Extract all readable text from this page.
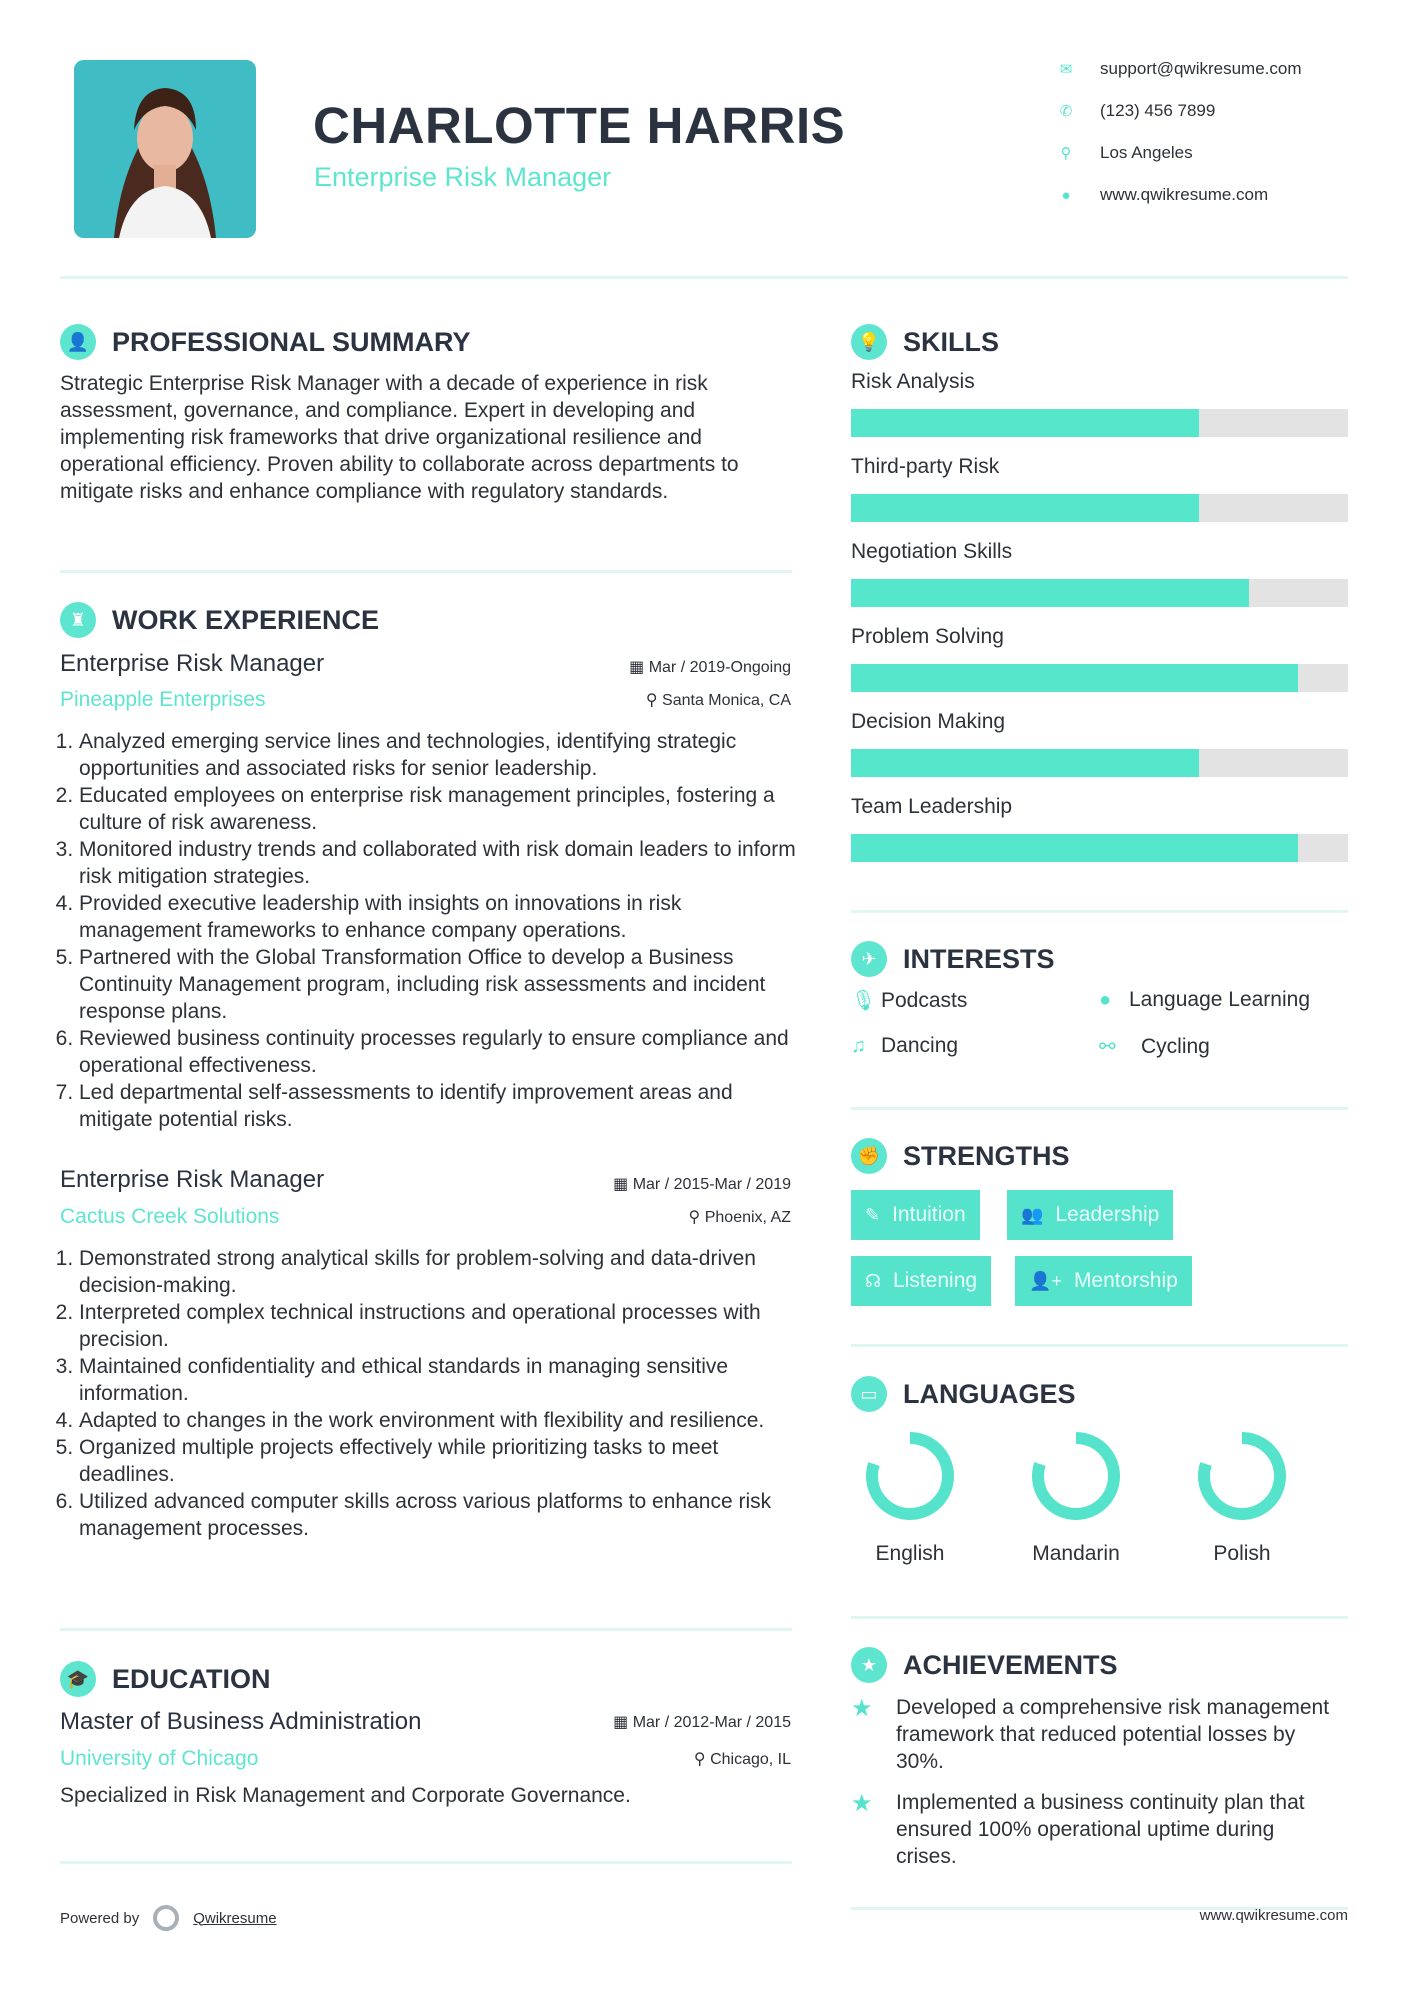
CHARLOTTE HARRIS
Enterprise Risk Manager
✉ support@qwikresume.com
✆ (123) 456 7899
⚲ Los Angeles
● www.qwikresume.com
👤 PROFESSIONAL SUMMARY
Strategic Enterprise Risk Manager with a decade of experience in risk assessment, governance, and compliance. Expert in developing and implementing risk frameworks that drive organizational resilience and operational efficiency. Proven ability to collaborate across departments to mitigate risks and enhance compliance with regulatory standards.
♜ WORK EXPERIENCE
Enterprise Risk Manager
Pineapple Enterprises
▦ Mar / 2019-Ongoing
⚲ Santa Monica, CA
1. Analyzed emerging service lines and technologies, identifying strategic opportunities and associated risks for senior leadership.
2. Educated employees on enterprise risk management principles, fostering a culture of risk awareness.
3. Monitored industry trends and collaborated with risk domain leaders to inform risk mitigation strategies.
4. Provided executive leadership with insights on innovations in risk management frameworks to enhance company operations.
5. Partnered with the Global Transformation Office to develop a Business Continuity Management program, including risk assessments and incident response plans.
6. Reviewed business continuity processes regularly to ensure compliance and operational effectiveness.
7. Led departmental self-assessments to identify improvement areas and mitigate potential risks.
Enterprise Risk Manager
Cactus Creek Solutions
▦ Mar / 2015-Mar / 2019
⚲ Phoenix, AZ
1. Demonstrated strong analytical skills for problem-solving and data-driven decision-making.
2. Interpreted complex technical instructions and operational processes with precision.
3. Maintained confidentiality and ethical standards in managing sensitive information.
4. Adapted to changes in the work environment with flexibility and resilience.
5. Organized multiple projects effectively while prioritizing tasks to meet deadlines.
6. Utilized advanced computer skills across various platforms to enhance risk management processes.
🎓 EDUCATION
Master of Business Administration
University of Chicago
▦ Mar / 2012-Mar / 2015
⚲ Chicago, IL
Specialized in Risk Management and Corporate Governance.
💡 SKILLS
Risk Analysis
Third-party Risk
Negotiation Skills
Problem Solving
Decision Making
Team Leadership
✈ INTERESTS
🎙 Podcasts	● Language Learning
♫ Dancing	⚯	Cycling
✊ STRENGTHS
✎ Intuition	👥 Leadership
☊ Listening	👤+ Mentorship
▭ LANGUAGES
English	Mandarin	Polish
★ ACHIEVEMENTS
★ Developed a comprehensive risk management framework that reduced potential losses by 30%.
★ Implemented a business continuity plan that ensured 100% operational uptime during crises.
Powered by	Qwikresume	www.qwikresume.com
